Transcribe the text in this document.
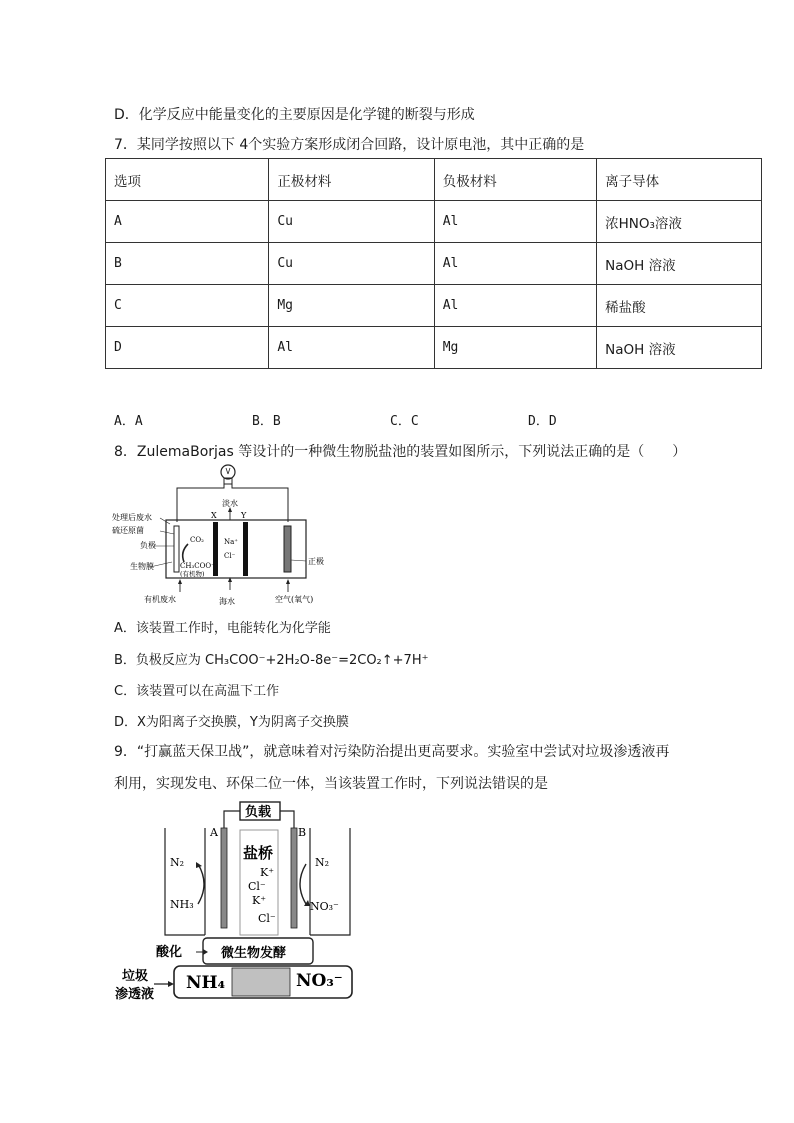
D．化学反应中能量变化的主要原因是化学键的断裂与形成
7．某同学按照以下 4个实验方案形成闭合回路，设计原电池，其中正确的是
选项	正极材料	负极材料	离子导体
A	Cu	Al	浓HNO₃溶液
B	Cu	Al	NaOH 溶液
C	Mg	Al	稀盐酸
D	Al	Mg	NaOH 溶液
A．A	B．B	C．C	D．D
8．ZulemaBorjas 等设计的一种微生物脱盐池的装置如图所示，下列说法正确的是（　　）
淡水
X	Y
处理后废水
硫还原菌
负极
生物膜
CO₂
CH₃COO⁻
(有机物)
Na⁺
Cl⁻
正极
有机废水	海水	空气(氧气)
A．该装置工作时，电能转化为化学能
B．负极反应为 CH₃COO⁻+2H₂O-8e⁻=2CO₂↑+7H⁺
C．该装置可以在高温下工作
D．X为阳离子交换膜，Y为阴离子交换膜
9．“打赢蓝天保卫战”，就意味着对污染防治提出更高要求。实验室中尝试对垃圾渗透液再
利用，实现发电、环保二位一体，当该装置工作时，下列说法错误的是
负载
A	B
盐桥
K⁺
Cl⁻
K⁺
Cl⁻
N₂
NH₃
N₂
NO₃⁻
微生物发酵
酸化
NH₄	NO₃⁻
垃圾
渗透液
